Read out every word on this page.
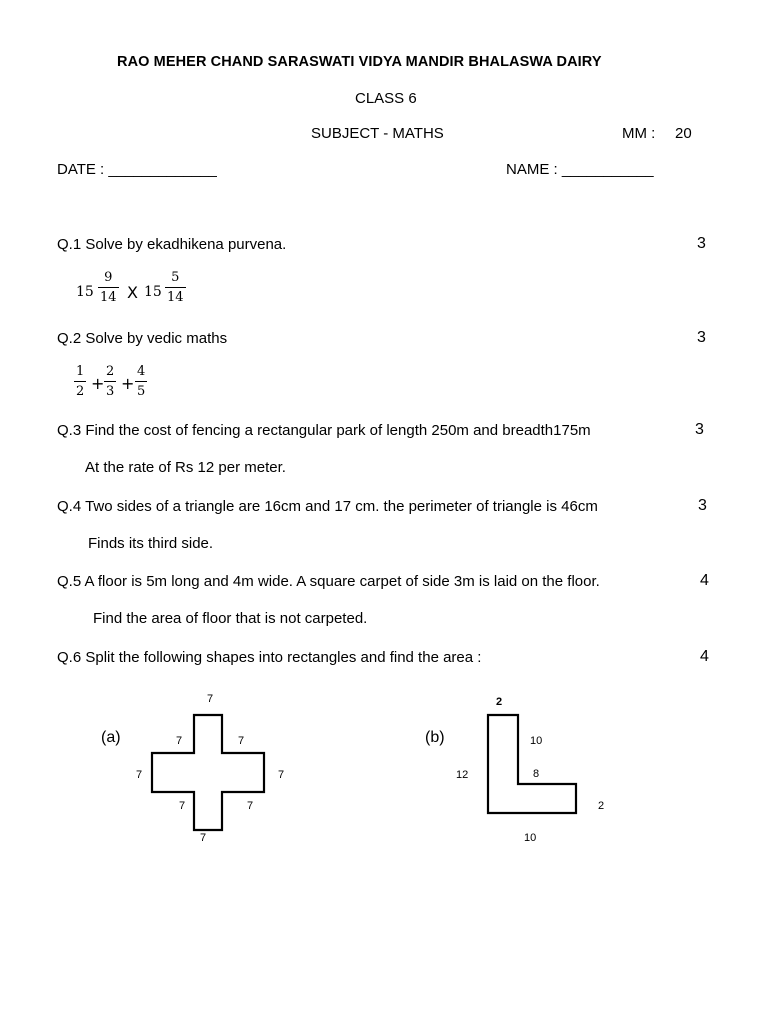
RAO MEHER CHAND SARASWATI VIDYA MANDIR BHALASWA DAIRY
CLASS 6
SUBJECT - MATHS	MM : 20
DATE : _____________	NAME : ___________
Q.1 Solve by ekadhikena purvena.	3
15
9
14 X 15
5
14
Q.2 Solve by vedic maths	3
1
2 +
2
3 +
4
5
Q.3 Find the cost of fencing a rectangular park of length 250m and breadth175m	3
At the rate of Rs 12 per meter.
Q.4 Two sides of a triangle are 16cm and 17 cm. the perimeter of triangle is 46cm	3
Finds its third side.
Q.5 A floor is 5m long and 4m wide. A square carpet of side 3m is laid on the floor.	4
Find the area of floor that is not carpeted.
Q.6 Split the following shapes into rectangles and find the area :	4
(a)
7
7	7
7	7
7	7
7
(b)
2
10
8
12
2
10
